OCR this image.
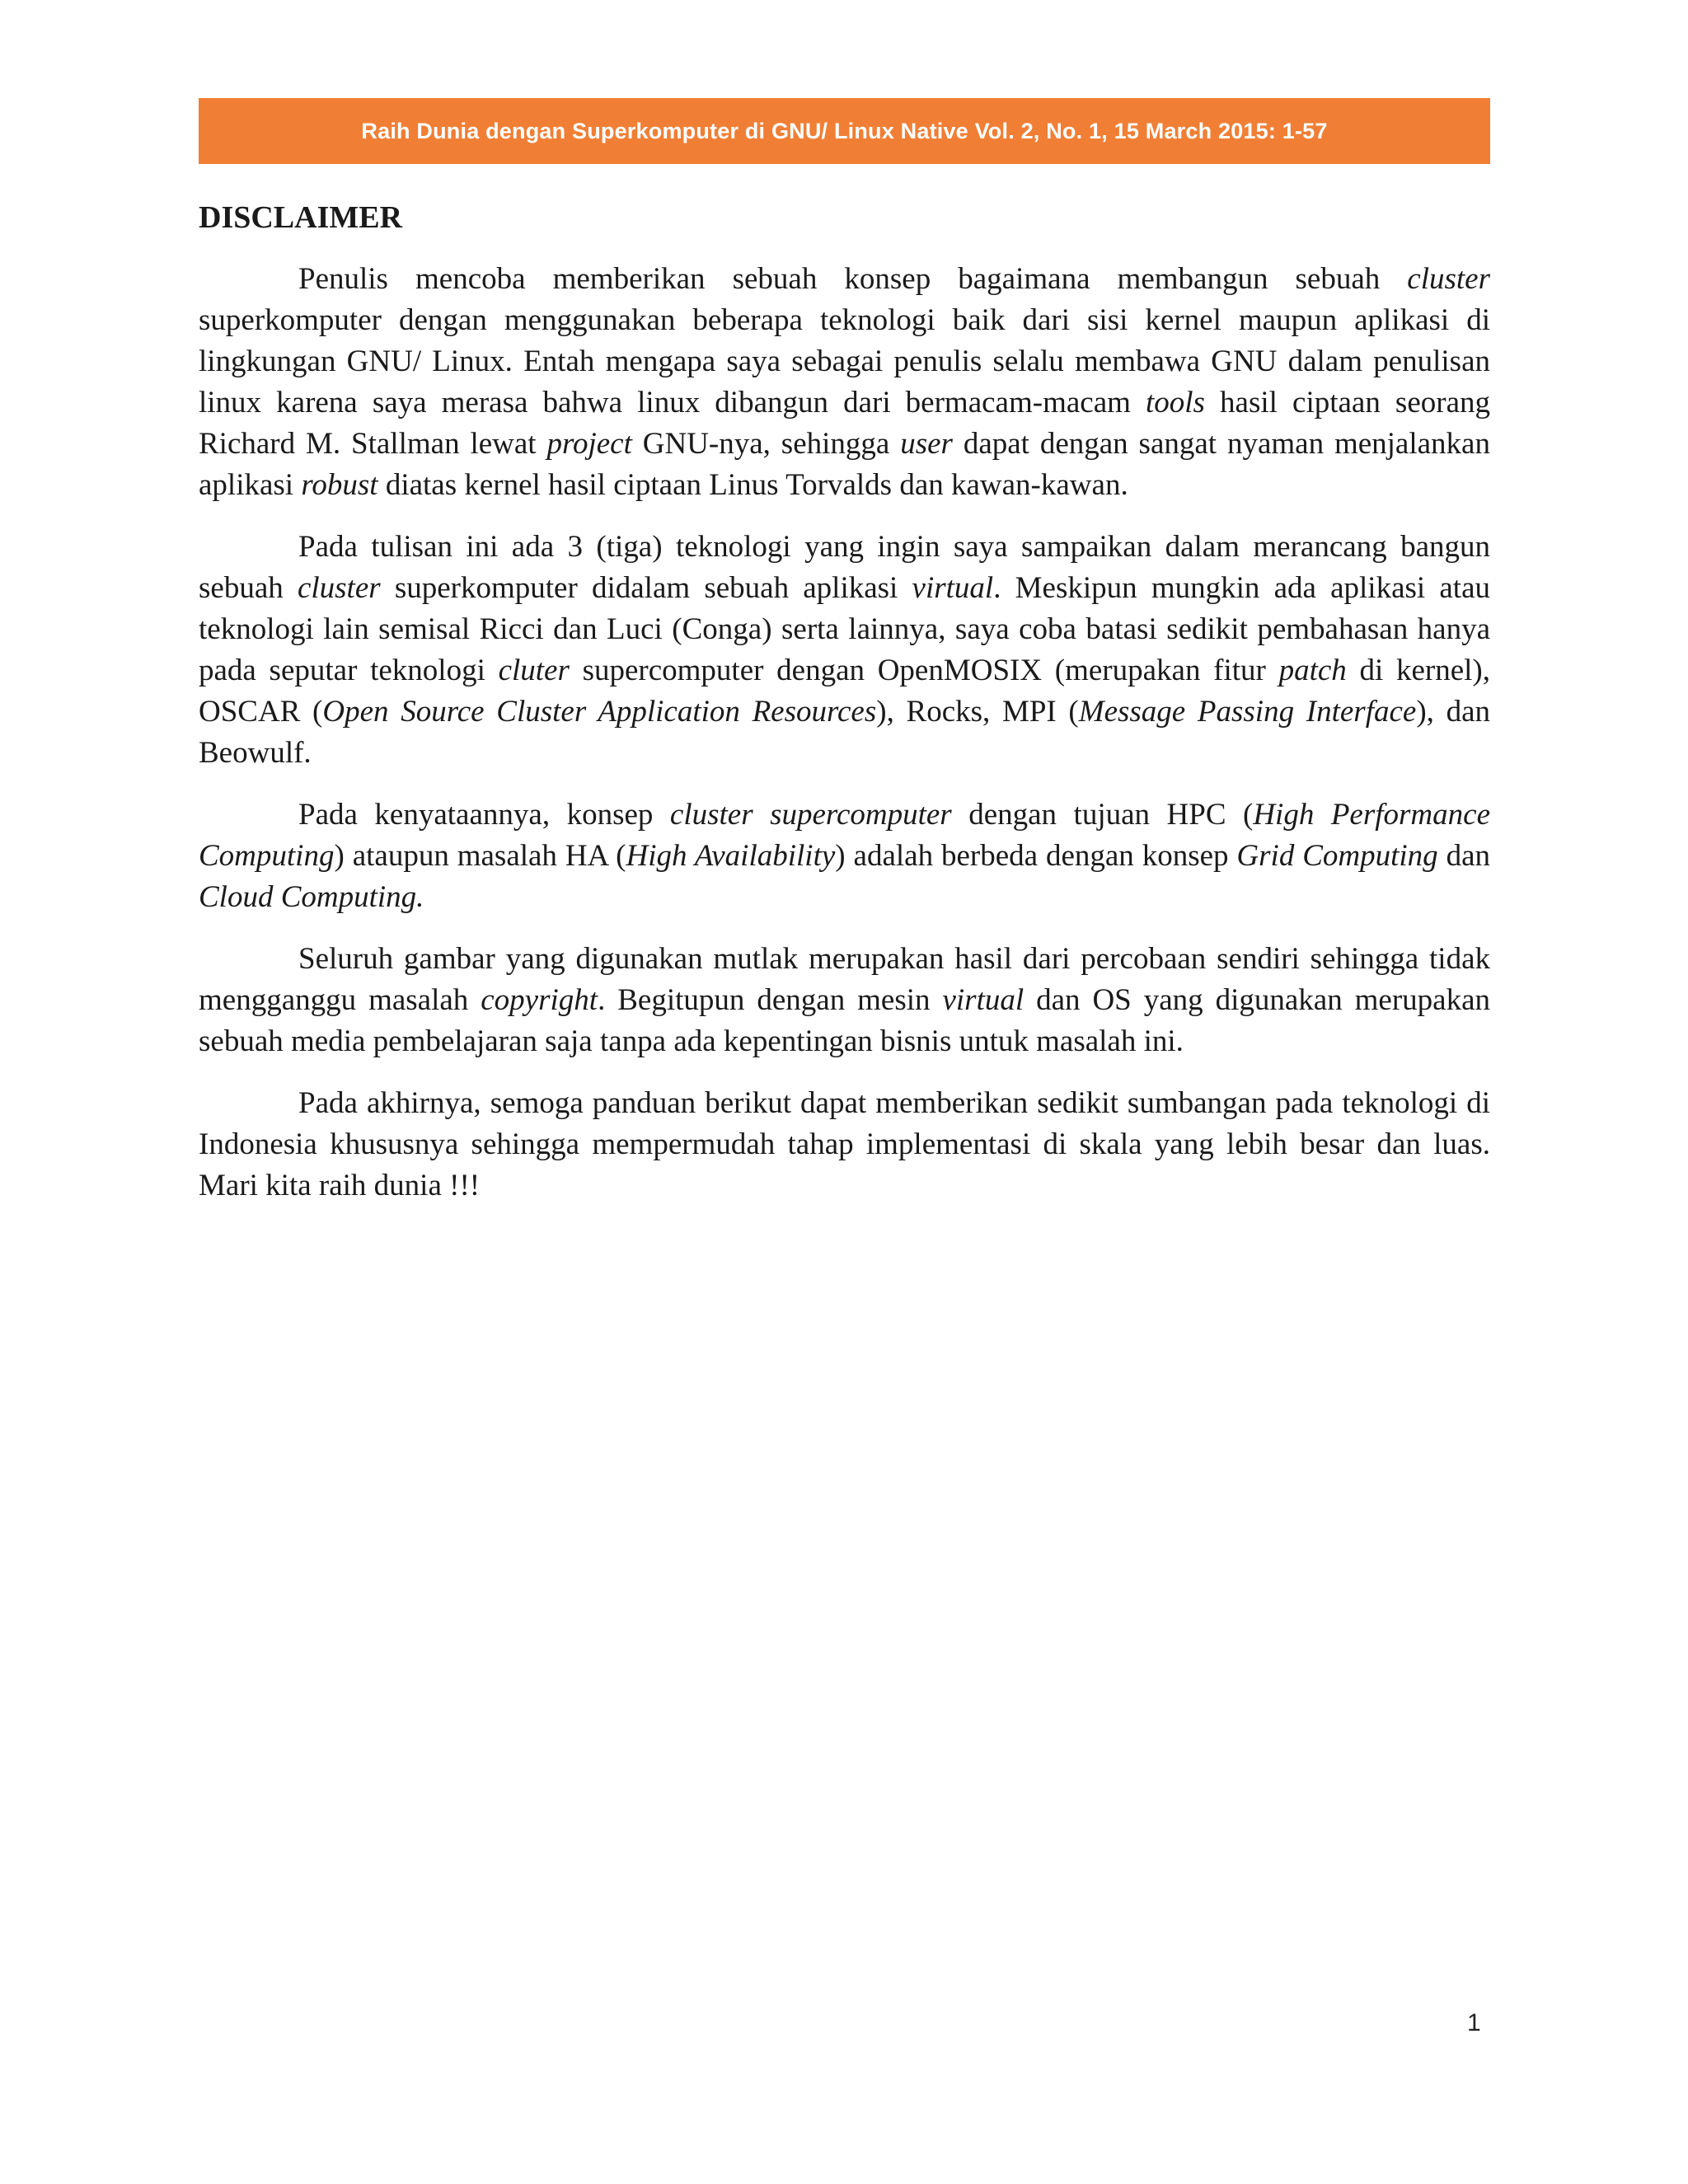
Raih Dunia dengan Superkomputer di GNU/ Linux Native Vol. 2, No. 1, 15 March 2015: 1-57
DISCLAIMER

Penulis mencoba memberikan sebuah konsep bagaimana membangun sebuah cluster superkomputer dengan menggunakan beberapa teknologi baik dari sisi kernel maupun aplikasi di lingkungan GNU/ Linux. Entah mengapa saya sebagai penulis selalu membawa GNU dalam penulisan linux karena saya merasa bahwa linux dibangun dari bermacam-macam tools hasil ciptaan seorang Richard M. Stallman lewat project GNU-nya, sehingga user dapat dengan sangat nyaman menjalankan aplikasi robust diatas kernel hasil ciptaan Linus Torvalds dan kawan-kawan.

Pada tulisan ini ada 3 (tiga) teknologi yang ingin saya sampaikan dalam merancang bangun sebuah cluster superkomputer didalam sebuah aplikasi virtual. Meskipun mungkin ada aplikasi atau teknologi lain semisal Ricci dan Luci (Conga) serta lainnya, saya coba batasi sedikit pembahasan hanya pada seputar teknologi cluter supercomputer dengan OpenMOSIX (merupakan fitur patch di kernel), OSCAR (Open Source Cluster Application Resources), Rocks, MPI (Message Passing Interface), dan Beowulf.

Pada kenyataannya, konsep cluster supercomputer dengan tujuan HPC (High Performance Computing) ataupun masalah HA (High Availability) adalah berbeda dengan konsep Grid Computing dan Cloud Computing.

Seluruh gambar yang digunakan mutlak merupakan hasil dari percobaan sendiri sehingga tidak mengganggu masalah copyright. Begitupun dengan mesin virtual dan OS yang digunakan merupakan sebuah media pembelajaran saja tanpa ada kepentingan bisnis untuk masalah ini.

Pada akhirnya, semoga panduan berikut dapat memberikan sedikit sumbangan pada teknologi di Indonesia khususnya sehingga mempermudah tahap implementasi di skala yang lebih besar dan luas. Mari kita raih dunia !!!

1
